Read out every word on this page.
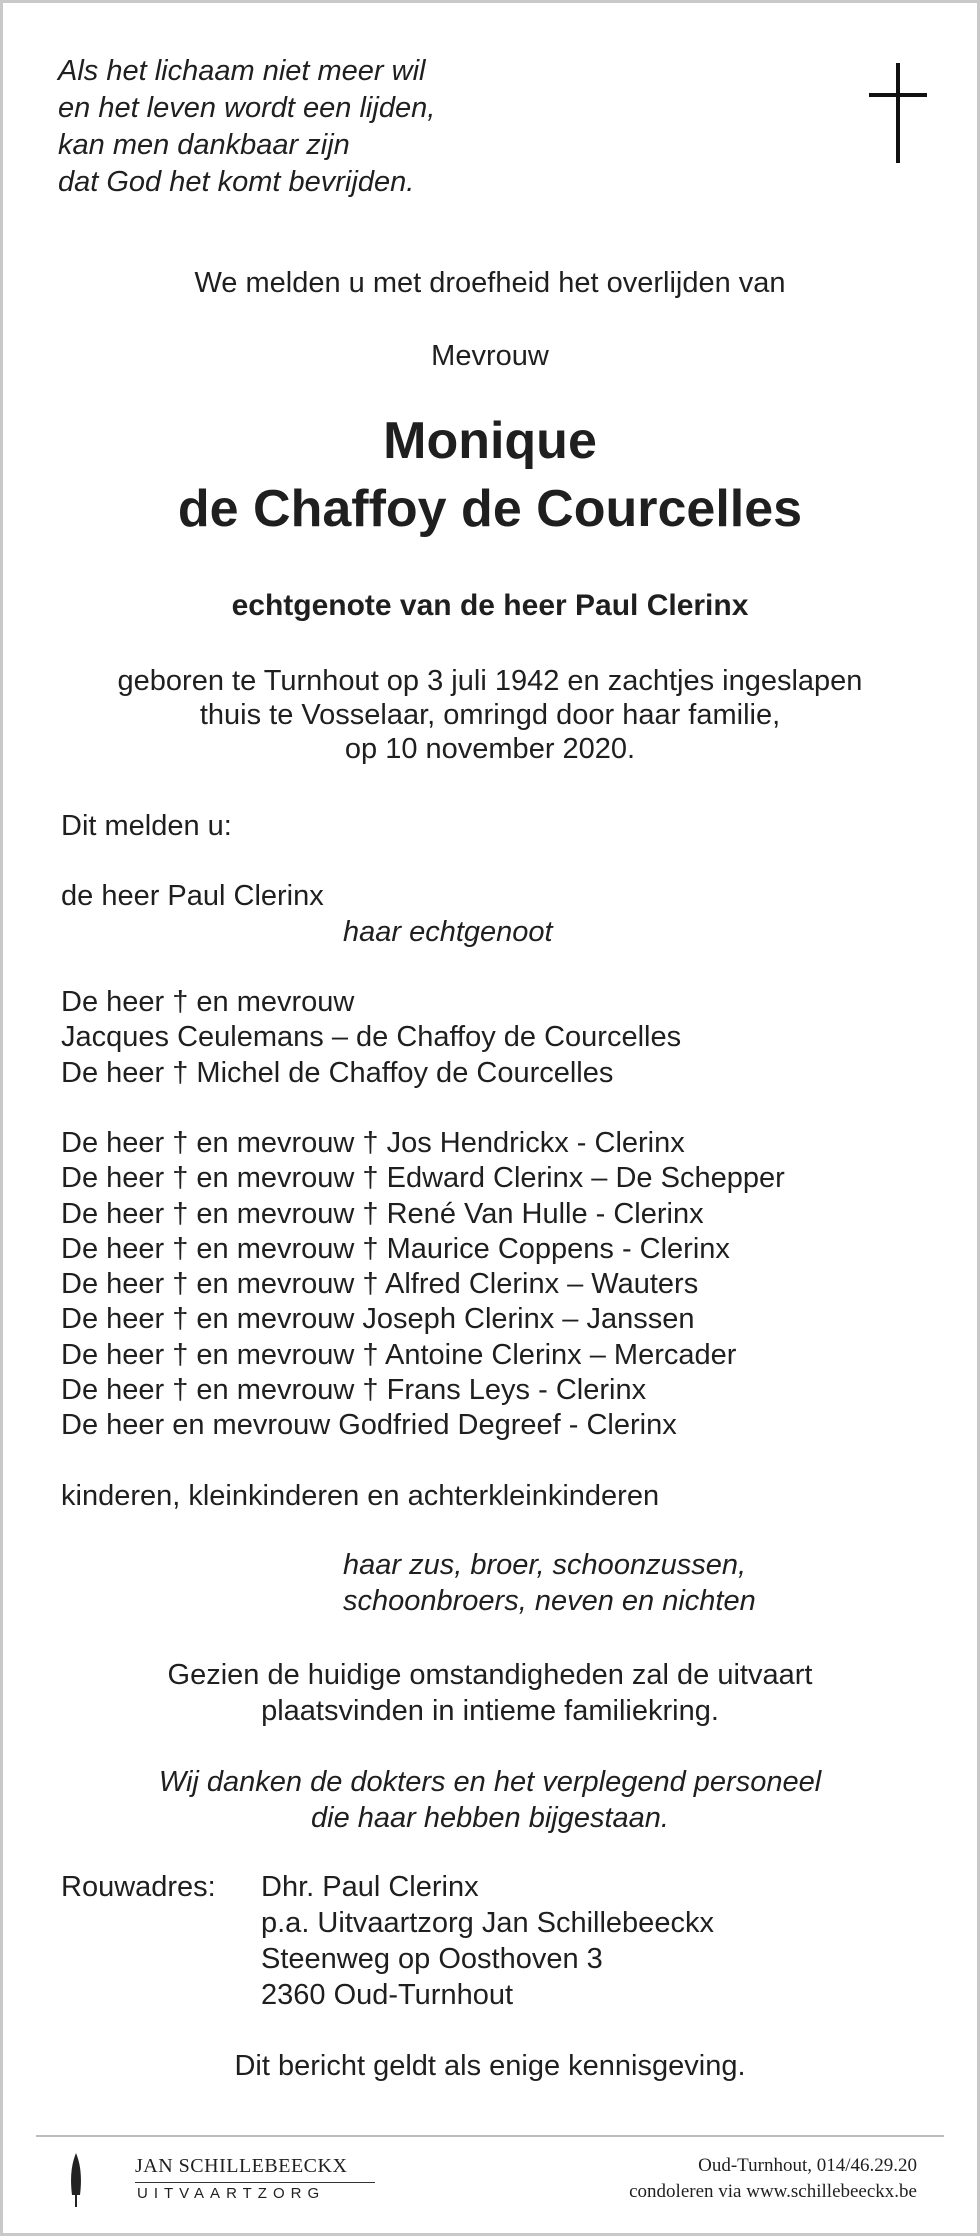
Als het lichaam niet meer wil
en het leven wordt een lijden,
kan men dankbaar zijn
dat God het komt bevrijden.
We melden u met droefheid het overlijden van
Mevrouw
Monique
de Chaffoy de Courcelles
echtgenote van de heer Paul Clerinx
geboren te Turnhout op 3 juli 1942 en zachtjes ingeslapen
thuis te Vosselaar, omringd door haar familie,
op 10 november 2020.
Dit melden u:
de heer Paul Clerinx
haar echtgenoot
De heer † en mevrouw
Jacques Ceulemans – de Chaffoy de Courcelles
De heer † Michel de Chaffoy de Courcelles
De heer † en mevrouw † Jos Hendrickx - Clerinx
De heer † en mevrouw † Edward Clerinx – De Schepper
De heer † en mevrouw † René Van Hulle - Clerinx
De heer † en mevrouw † Maurice Coppens - Clerinx
De heer † en mevrouw † Alfred Clerinx – Wauters
De heer † en mevrouw Joseph Clerinx – Janssen
De heer † en mevrouw † Antoine Clerinx – Mercader
De heer † en mevrouw † Frans Leys - Clerinx
De heer en mevrouw Godfried Degreef - Clerinx
kinderen, kleinkinderen en achterkleinkinderen
haar zus, broer, schoonzussen,
schoonbroers, neven en nichten
Gezien de huidige omstandigheden zal de uitvaart
plaatsvinden in intieme familiekring.
Wij danken de dokters en het verplegend personeel
die haar hebben bijgestaan.
Rouwadres: Dhr. Paul Clerinx
p.a. Uitvaartzorg Jan Schillebeeckx
Steenweg op Oosthoven 3
2360 Oud-Turnhout
Dit bericht geldt als enige kennisgeving.
JAN SCHILLEBEECKX
UITVAARTZORG
Oud-Turnhout, 014/46.29.20
condoleren via www.schillebeeckx.be
